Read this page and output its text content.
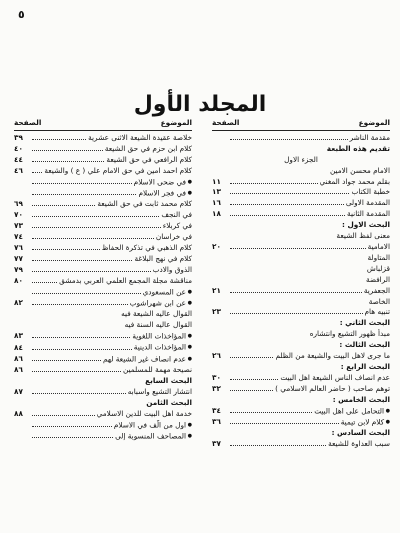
٥
المجلد الأول
الموضوع
الصفحة
مقدمة الناشر
تقديم هذه الطبعة
الجزء الاول
الامام محسن الامين
بقلم محمد جواد المغني
١١
خطبة الكتاب
١٣
المقدمة الاولى
١٦
المقدمة الثانية
١٨
البحث الاول :
معنى لفظ الشيعة
الامامية
٢٠
المتاولة
قزلباش
الرافضة
الجعفرية
٢١
الخاصة
تنبيه هام
٢٣
البحث الثاني :
مبدأ ظهور التشيع وانتشاره
البحث الثالث :
ما جرى لاهل البيت والشيعة من الظلم
٢٦
البحث الرابع :
عدم انصاف الناس الشيعة اهل البيت
٣٠
توهم صاحب ( حاضر العالم الاسلامي )
٣٢
البحث الخامس :
● التحامل على اهل البيت
٣٤
● كلام لابن تيمية
٣٦
البحث السادس :
سبب العداوة للشيعة
٣٧
الموضوع
الصفحة
خلاصة عقيدة الشيعة الاثنى عشرية
٣٩
كلام ابن حزم في حق الشيعة
٤٠
كلام الرافعي في حق الشيعة
٤٤
كلام احمد امين في حق الامام علي ( ع ) والشيعة
٤٦
● في ضحى الاسلام
● في فجر الاسلام
كلام محمد ثابت في حق الشيعة
٦٩
في النجف
٧٠
في كربلاء
٧٣
في خراسان
٧٤
كلام الذهبي في تذكرة الحفاظ
٧٦
كلام في نهج البلاغة
٧٧
الذوق والادب
٧٩
مناقشة مجلة المجمع العلمي العربي بدمشق
٨٠
● عن المسعودي
● عن ابن شهراشوب
٨٢
القوال عاليه الشيعة فيه
القوال عاليه السنة فيه
● المؤاخذات اللغوية
٨٣
● المؤاخذات الدينية
٨٤
● عدم انصاف غير الشيعة لهم
٨٦
نصيحة مهمة للمسلمين
٨٦
البحث السابع
انتشار التشيع واسبابه
٨٧
البحث الثامن
خدمة اهل البيت للدين الاسلامي
٨٨
● اول من الّف في الاسلام
● المصاحف المنسوبة إلى
